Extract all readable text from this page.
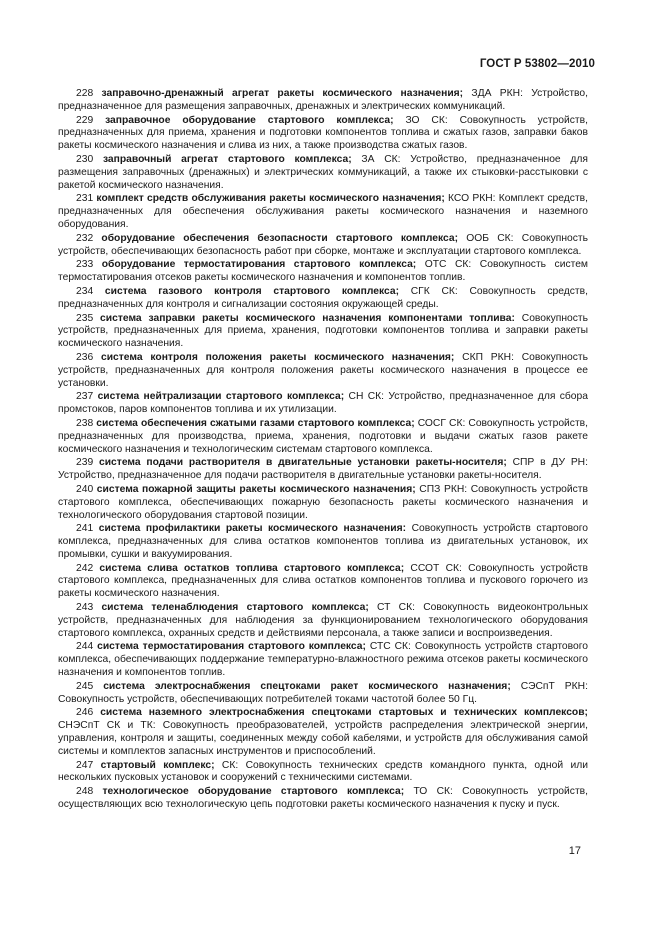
ГОСТ Р 53802—2010

228 заправочно-дренажный агрегат ракеты космического назначения; ЗДА РКН: Устройство, предназначенное для размещения заправочных, дренажных и электрических коммуникаций.

229 заправочное оборудование стартового комплекса; ЗО СК: Совокупность устройств, предназначенных для приема, хранения и подготовки компонентов топлива и сжатых газов, заправки баков ракеты космического назначения и слива из них, а также производства сжатых газов.

230 заправочный агрегат стартового комплекса; ЗА СК: Устройство, предназначенное для размещения заправочных (дренажных) и электрических коммуникаций, а также их стыковки-расстыковки с ракетой космического назначения.

231 комплект средств обслуживания ракеты космического назначения; КСО РКН: Комплект средств, предназначенных для обеспечения обслуживания ракеты космического назначения и наземного оборудования.

232 оборудование обеспечения безопасности стартового комплекса; ООБ СК: Совокупность устройств, обеспечивающих безопасность работ при сборке, монтаже и эксплуатации стартового комплекса.

233 оборудование термостатирования стартового комплекса; ОТС СК: Совокупность систем термостатирования отсеков ракеты космического назначения и компонентов топлив.

234 система газового контроля стартового комплекса; СГК СК: Совокупность средств, предназначенных для контроля и сигнализации состояния окружающей среды.

235 система заправки ракеты космического назначения компонентами топлива: Совокупность устройств, предназначенных для приема, хранения, подготовки компонентов топлива и заправки ракеты космического назначения.

236 система контроля положения ракеты космического назначения; СКП РКН: Совокупность устройств, предназначенных для контроля положения ракеты космического назначения в процессе ее установки.

237 система нейтрализации стартового комплекса; СН СК: Устройство, предназначенное для сбора промстоков, паров компонентов топлива и их утилизации.

238 система обеспечения сжатыми газами стартового комплекса; СОСГ СК: Совокупность устройств, предназначенных для производства, приема, хранения, подготовки и выдачи сжатых газов ракете космического назначения и технологическим системам стартового комплекса.

239 система подачи растворителя в двигательные установки ракеты-носителя; СПР в ДУ РН: Устройство, предназначенное для подачи растворителя в двигательные установки ракеты-носителя.

240 система пожарной защиты ракеты космического назначения; СПЗ РКН: Совокупность устройств стартового комплекса, обеспечивающих пожарную безопасность ракеты космического назначения и технологического оборудования стартовой позиции.

241 система профилактики ракеты космического назначения: Совокупность устройств стартового комплекса, предназначенных для слива остатков компонентов топлива из двигательных установок, их промывки, сушки и вакуумирования.

242 система слива остатков топлива стартового комплекса; ССОТ СК: Совокупность устройств стартового комплекса, предназначенных для слива остатков компонентов топлива и пускового горючего из ракеты космического назначения.

243 система теленаблюдения стартового комплекса; СТ СК: Совокупность видеоконтрольных устройств, предназначенных для наблюдения за функционированием технологического оборудования стартового комплекса, охранных средств и действиями персонала, а также записи и воспроизведения.

244 система термостатирования стартового комплекса; СТС СК: Совокупность устройств стартового комплекса, обеспечивающих поддержание температурно-влажностного режима отсеков ракеты космического назначения и компонентов топлив.

245 система электроснабжения спецтоками ракет космического назначения; СЭСпТ РКН: Совокупность устройств, обеспечивающих потребителей токами частотой более 50 Гц.

246 система наземного электроснабжения спецтоками стартовых и технических комплексов; СНЭСпТ СК и ТК: Совокупность преобразователей, устройств распределения электрической энергии, управления, контроля и защиты, соединенных между собой кабелями, и устройств для обслуживания самой системы и комплектов запасных инструментов и приспособлений.

247 стартовый комплекс; СК: Совокупность технических средств командного пункта, одной или нескольких пусковых установок и сооружений с техническими системами.

248 технологическое оборудование стартового комплекса; ТО СК: Совокупность устройств, осуществляющих всю технологическую цепь подготовки ракеты космического назначения к пуску и пуск.

17
